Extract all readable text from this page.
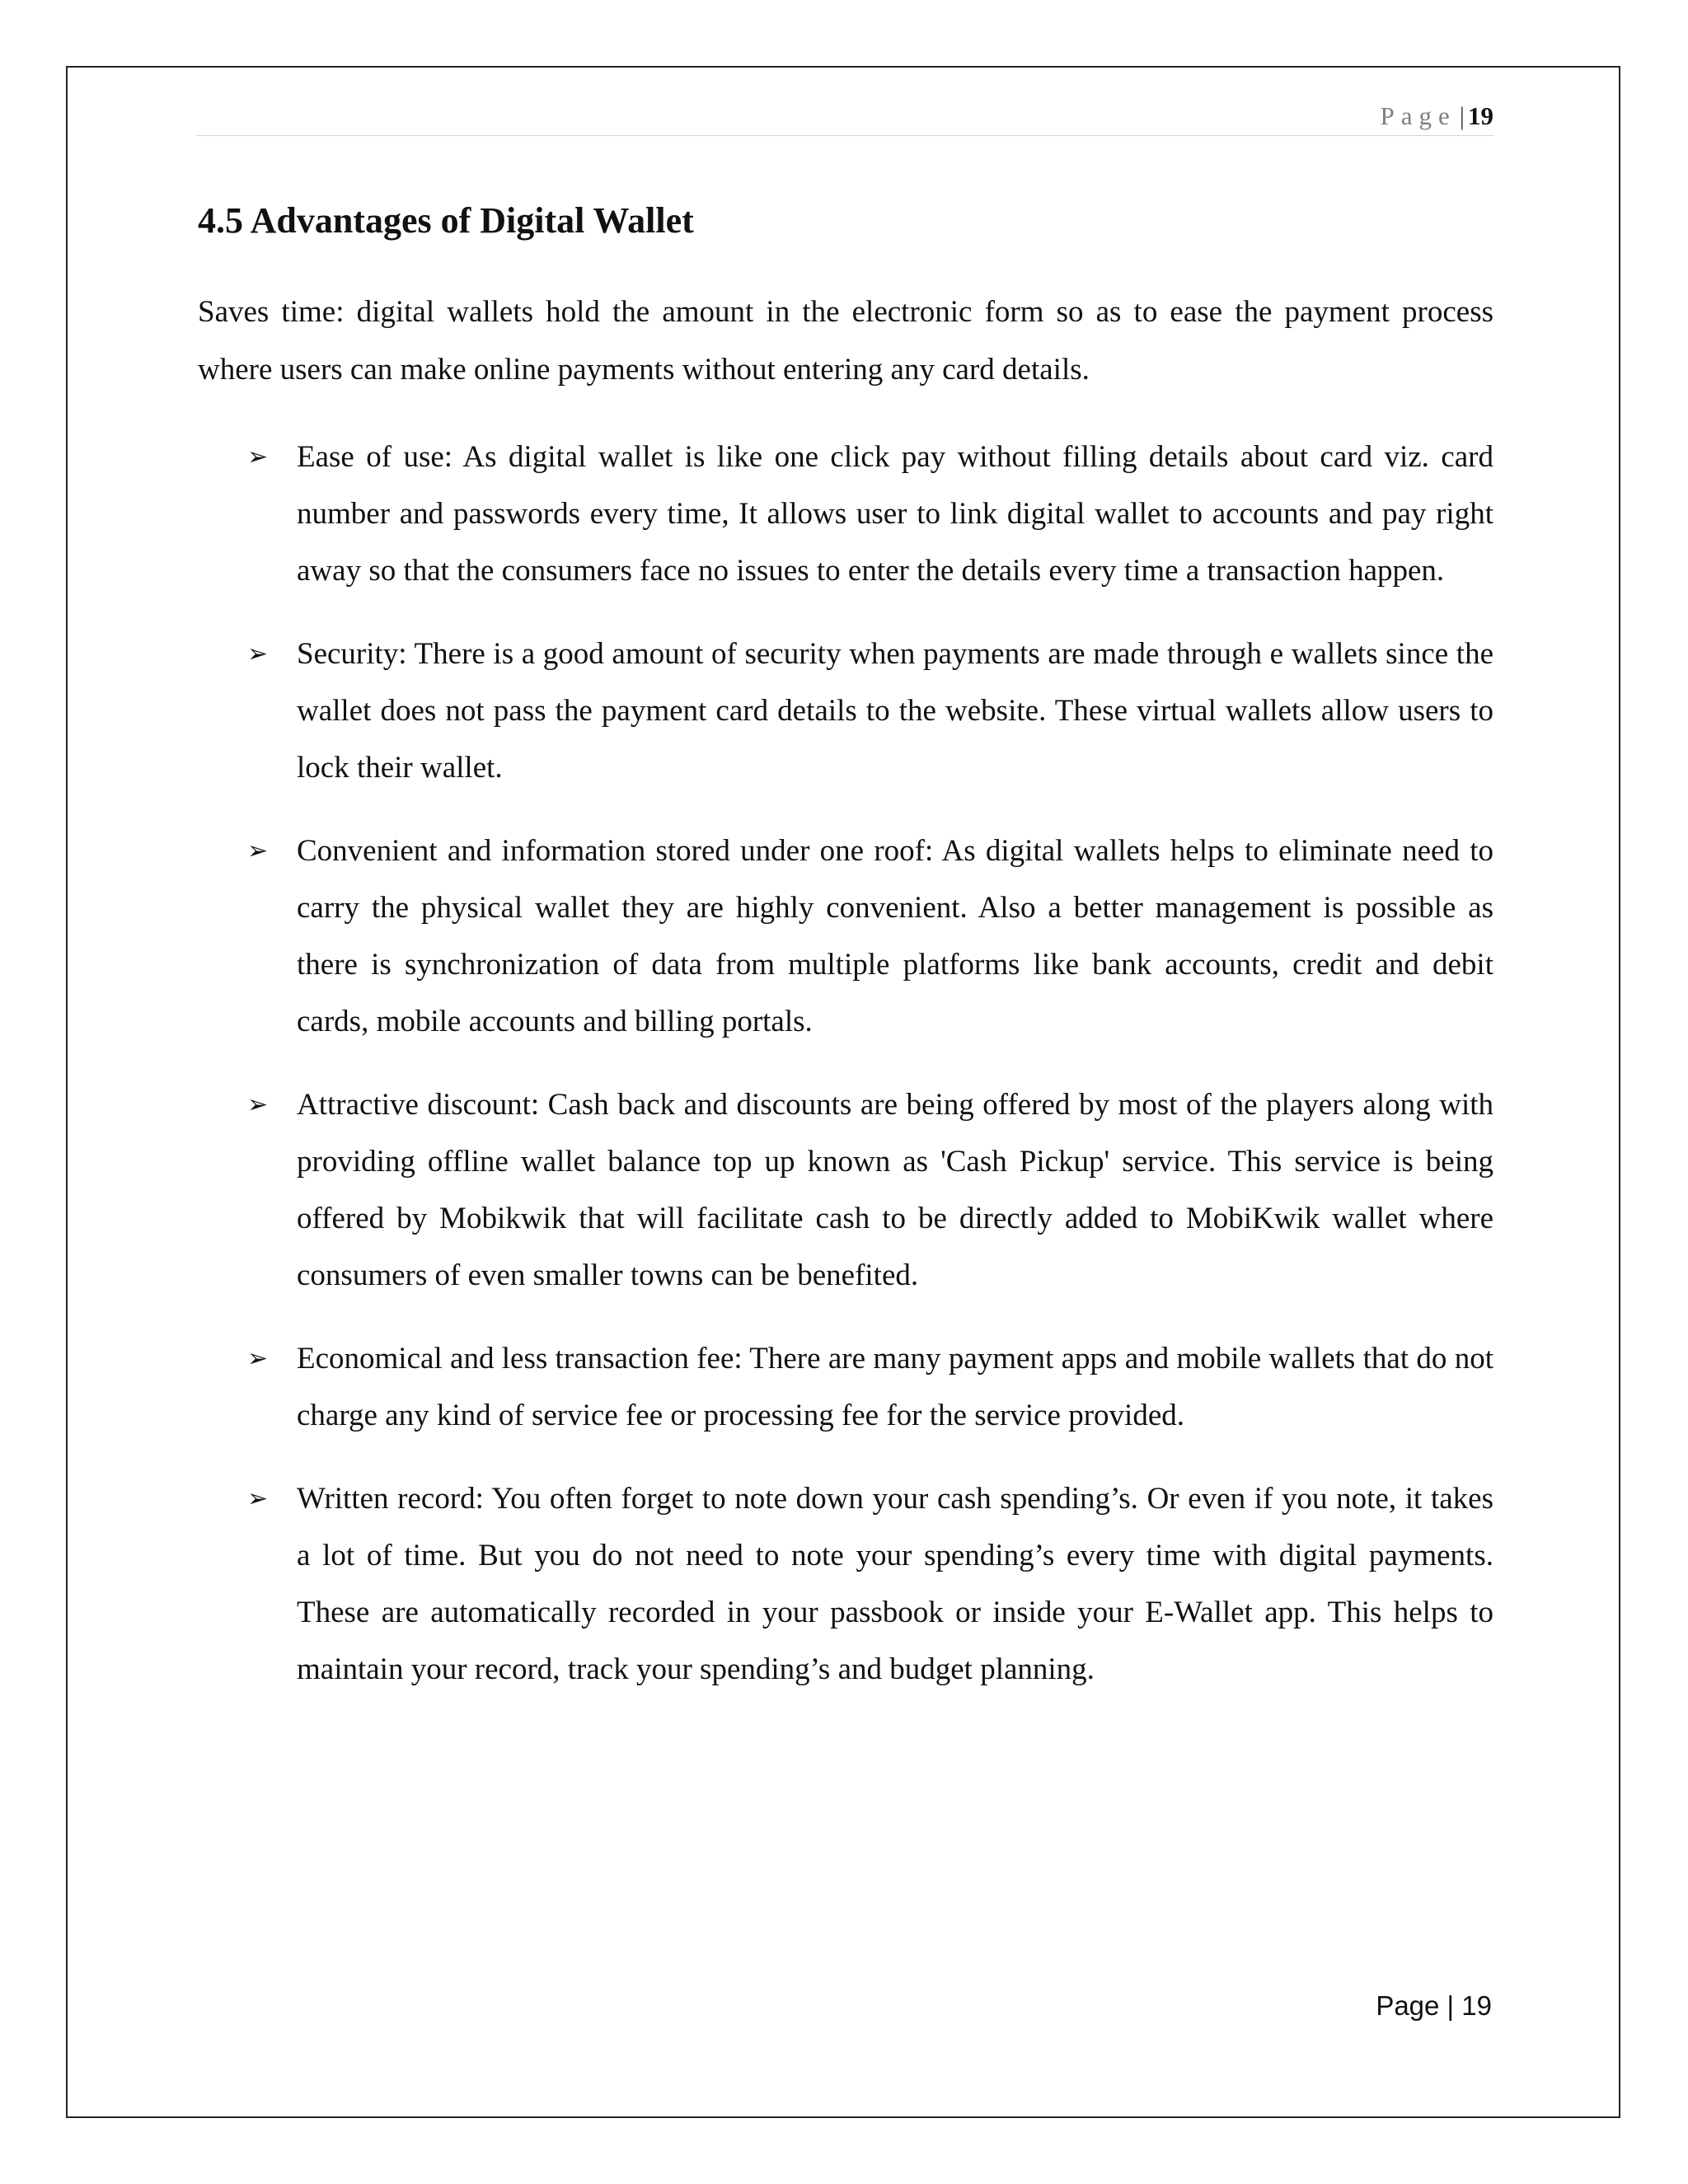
Page | 19
4.5 Advantages of Digital Wallet

Saves time: digital wallets hold the amount in the electronic form so as to ease the payment process where users can make online payments without entering any card details.

➢ Ease of use: As digital wallet is like one click pay without filling details about card viz. card number and passwords every time, It allows user to link digital wallet to accounts and pay right away so that the consumers face no issues to enter the details every time a transaction happen.
➢ Security: There is a good amount of security when payments are made through e wallets since the wallet does not pass the payment card details to the website. These virtual wallets allow users to lock their wallet.
➢ Convenient and information stored under one roof: As digital wallets helps to eliminate need to carry the physical wallet they are highly convenient. Also a better management is possible as there is synchronization of data from multiple platforms like bank accounts, credit and debit cards, mobile accounts and billing portals.
➢ Attractive discount: Cash back and discounts are being offered by most of the players along with providing offline wallet balance top up known as 'Cash Pickup' service. This service is being offered by Mobikwik that will facilitate cash to be directly added to MobiKwik wallet where consumers of even smaller towns can be benefited.
➢ Economical and less transaction fee: There are many payment apps and mobile wallets that do not charge any kind of service fee or processing fee for the service provided.
➢ Written record: You often forget to note down your cash spending’s. Or even if you note, it takes a lot of time. But you do not need to note your spending’s every time with digital payments. These are automatically recorded in your passbook or inside your E-Wallet app. This helps to maintain your record, track your spending’s and budget planning.
Page | 19
